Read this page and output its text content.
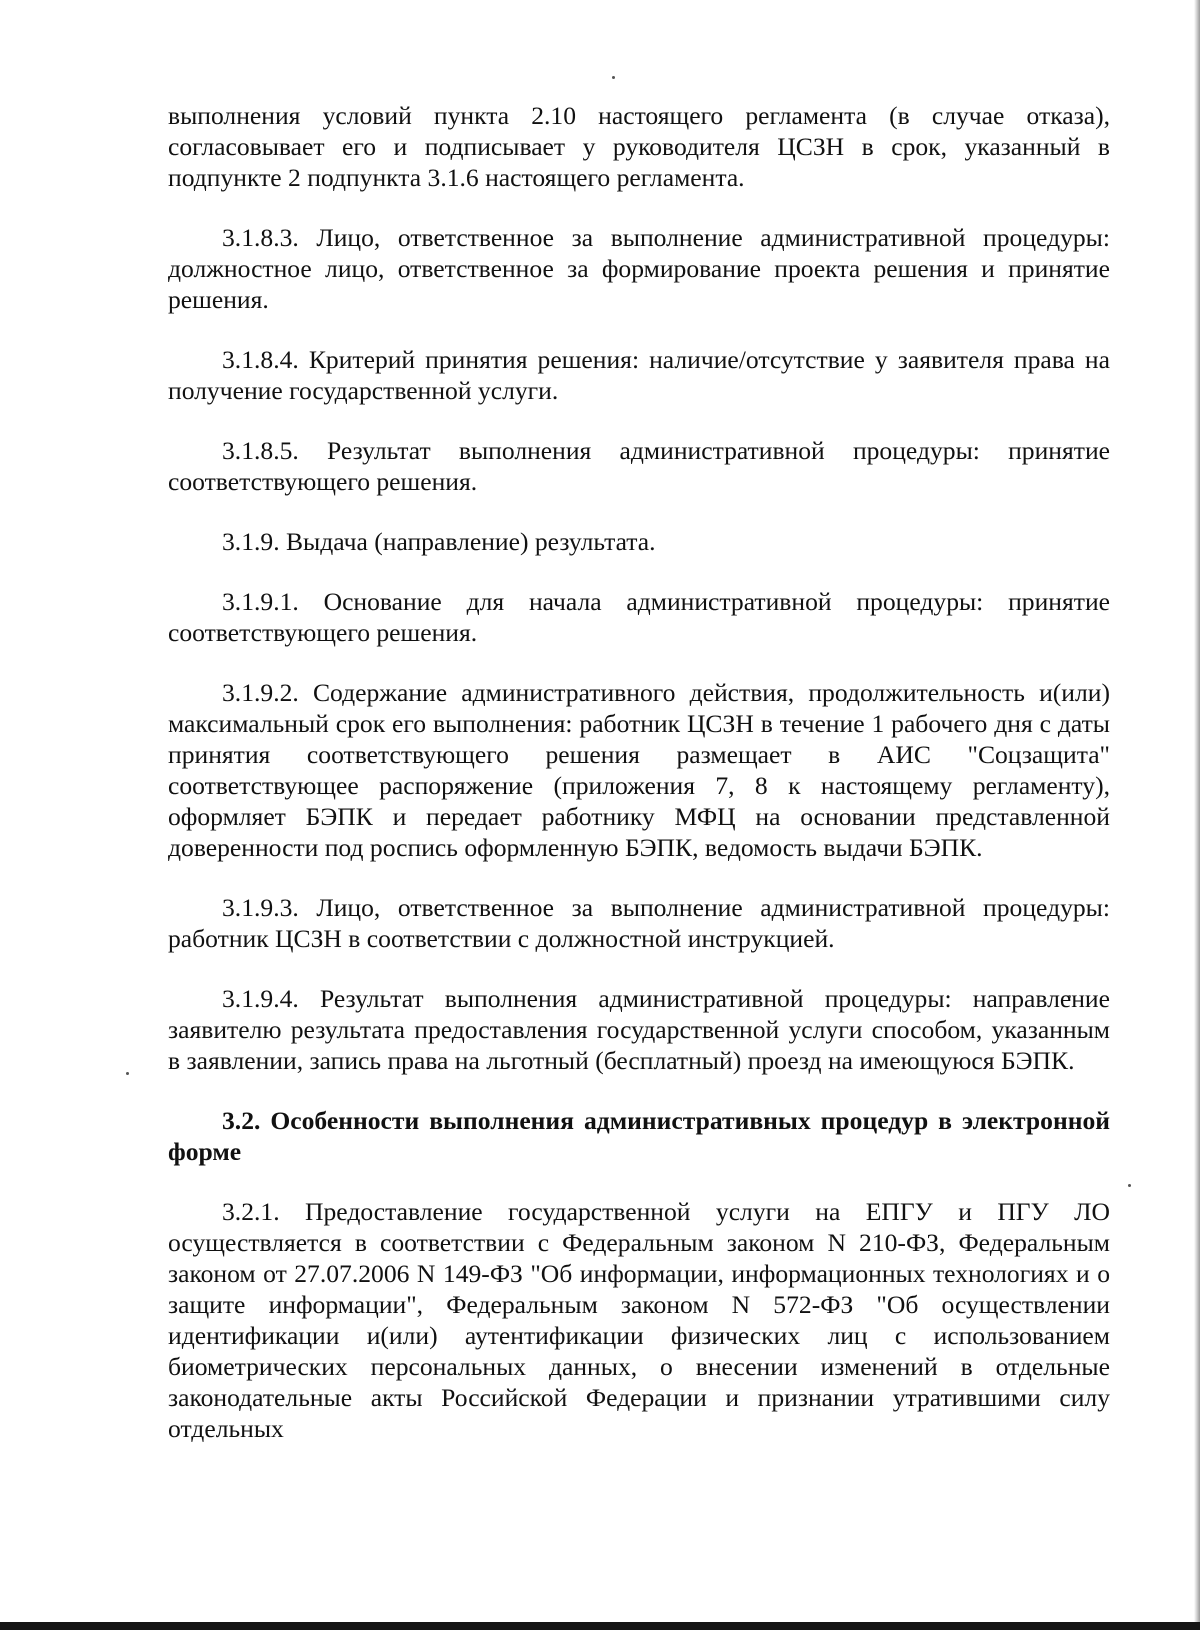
выполнения условий пункта 2.10 настоящего регламента (в случае отказа), согласовывает его и подписывает у руководителя ЦСЗН в срок, указанный в подпункте 2 подпункта 3.1.6 настоящего регламента.

3.1.8.3. Лицо, ответственное за выполнение административной процедуры: должностное лицо, ответственное за формирование проекта решения и принятие решения.

3.1.8.4. Критерий принятия решения: наличие/отсутствие у заявителя права на получение государственной услуги.

3.1.8.5. Результат выполнения административной процедуры: принятие соответствующего решения.

3.1.9. Выдача (направление) результата.

3.1.9.1. Основание для начала административной процедуры: принятие соответствующего решения.

3.1.9.2. Содержание административного действия, продолжительность и(или) максимальный срок его выполнения: работник ЦСЗН в течение 1 рабочего дня с даты принятия соответствующего решения размещает в АИС "Соцзащита" соответствующее распоряжение (приложения 7, 8 к настоящему регламенту), оформляет БЭПК и передает работнику МФЦ на основании представленной доверенности под роспись оформленную БЭПК, ведомость выдачи БЭПК.

3.1.9.3. Лицо, ответственное за выполнение административной процедуры: работник ЦСЗН в соответствии с должностной инструкцией.

3.1.9.4. Результат выполнения административной процедуры: направление заявителю результата предоставления государственной услуги способом, указанным в заявлении, запись права на льготный (бесплатный) проезд на имеющуюся БЭПК.

3.2. Особенности выполнения административных процедур в электронной форме

3.2.1. Предоставление государственной услуги на ЕПГУ и ПГУ ЛО осуществляется в соответствии с Федеральным законом N 210-ФЗ, Федеральным законом от 27.07.2006 N 149-ФЗ "Об информации, информационных технологиях и о защите информации", Федеральным законом N 572-ФЗ "Об осуществлении идентификации и(или) аутентификации физических лиц с использованием биометрических персональных данных, о внесении изменений в отдельные законодательные акты Российской Федерации и признании утратившими силу отдельных
